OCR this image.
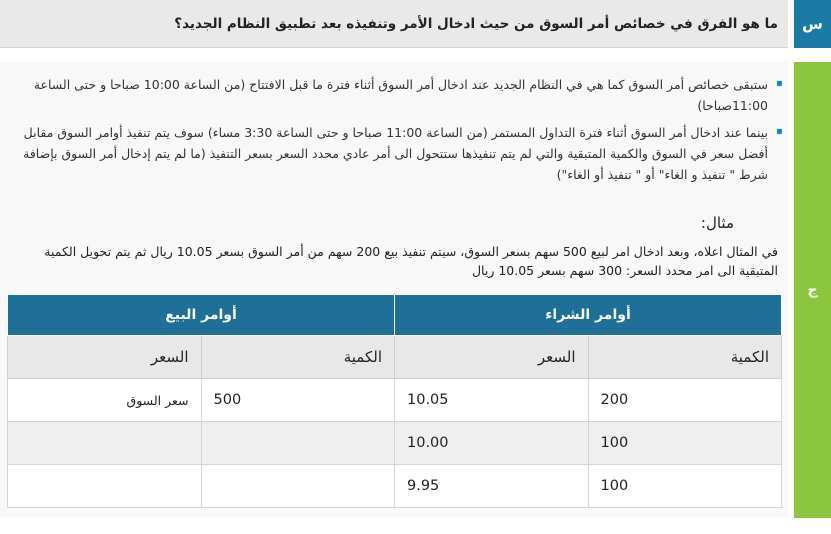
س
ما هو الفرق في خصائص أمر السوق من حيث ادخال الأمر وتنفيذه بعد تطبيق النظام الجديد؟
ج
ستبقى خصائص أمر السوق كما هي في النظام الجديد عند ادخال أمر السوق أثناء فترة ما قبل الافتتاح (من الساعة 10:00 صباحا و حتى الساعة 11:00صباحا)
بينما عند ادخال أمر السوق أثناء فترة التداول المستمر (من الساعة 11:00 صباحا و حتى الساعة 3:30 مساء) سوف يتم تنفيذ أوامر السوق مقابل أفضل سعر في السوق والكمية المتبقية والتي لم يتم تنفيذها ستتحول الى أمر عادي محدد السعر بسعر التنفيذ (ما لم يتم إدخال أمر السوق بإضافة شرط " تنفيذ و الغاء" أو " تنفيذ أو الغاء")
مثال:
في المثال اعلاه، وبعد ادخال امر لبيع 500 سهم بسعر السوق، سيتم تنفيذ بيع 200 سهم من أمر السوق بسعر 10.05 ريال ثم يتم تحويل الكمية المتبقية الى امر محدد السعر: 300 سهم بسعر 10.05 ريال
أوامر الشراء		أوامر البيع	
الكمية	السعر	الكمية	السعر
200	10.05	500	سعر السوق
100	10.00		
100	9.95		
